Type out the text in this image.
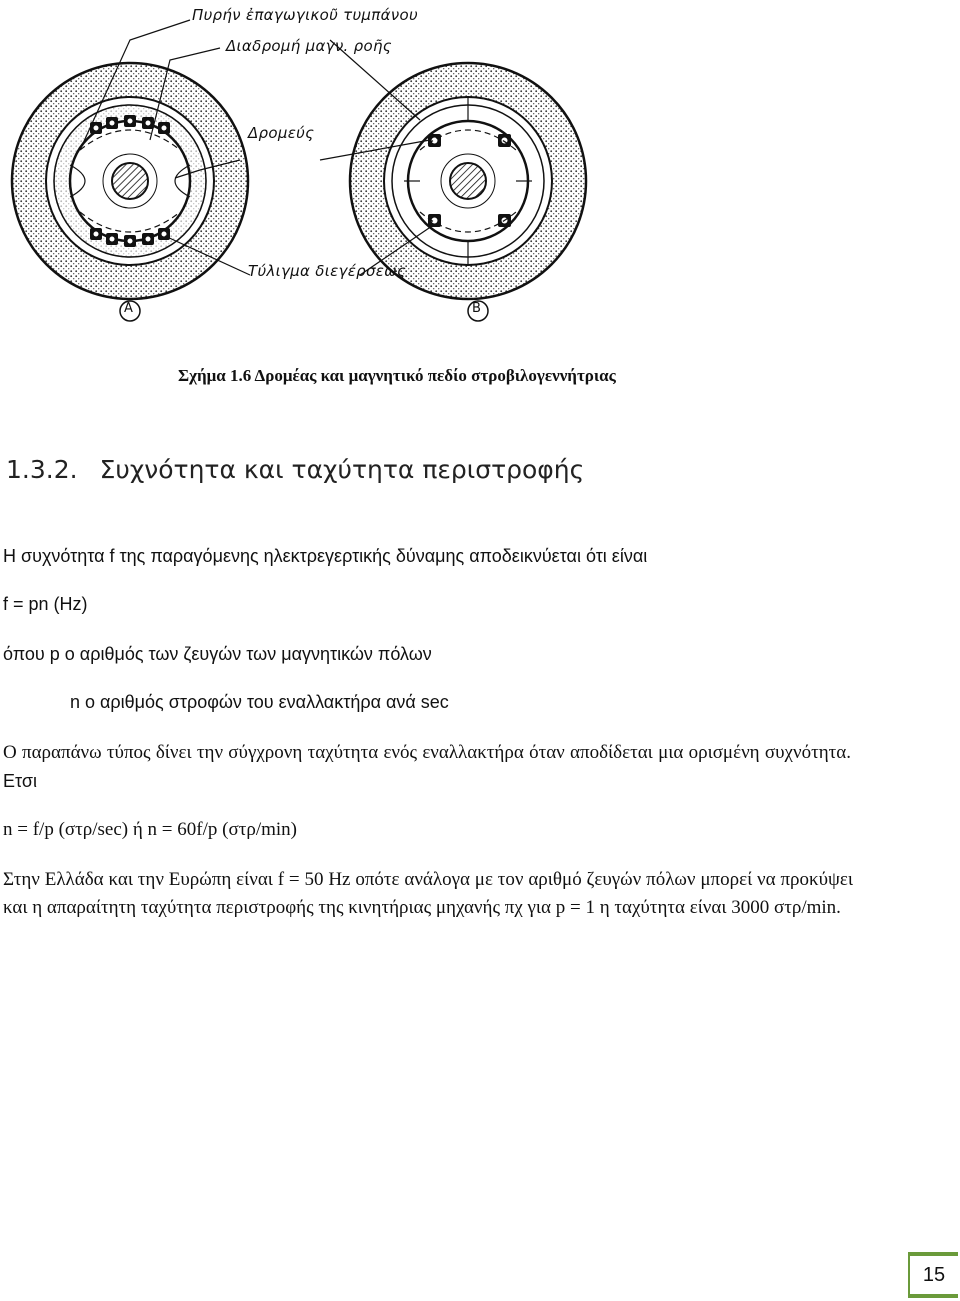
Πυρήν ἐπαγωγικοῦ τυμπάνου
Διαδρομή μαγν. ροῆς
Δρομεύς
Τύλιγμα διεγέρσεως
A	B
Σχήμα 1.6 Δρομέας και μαγνητικό πεδίο στροβιλογεννήτριας
1.3.2. Συχνότητα και ταχύτητα περιστροφής
Η συχνότητα f της παραγόμενης ηλεκτρεγερτικής δύναμης αποδεικνύεται ότι είναι
f = pn (Hz)
όπου p ο αριθμός των ζευγών των μαγνητικών πόλων
n ο αριθμός στροφών του εναλλακτήρα ανά sec
Ο παραπάνω τύπος δίνει την σύγχρονη ταχύτητα ενός εναλλακτήρα όταν αποδίδεται μια ορισμένη συχνότητα. Ετσι
n = f/p (στρ/sec) ή n = 60f/p (στρ/min)
Στην Ελλάδα και την Ευρώπη είναι f = 50 Hz οπότε ανάλογα με τον αριθμό ζευγών πόλων μπορεί να προκύψει και η απαραίτητη ταχύτητα περιστροφής της κινητήριας μηχανής πχ για p = 1 η ταχύτητα είναι 3000 στρ/min.
15
